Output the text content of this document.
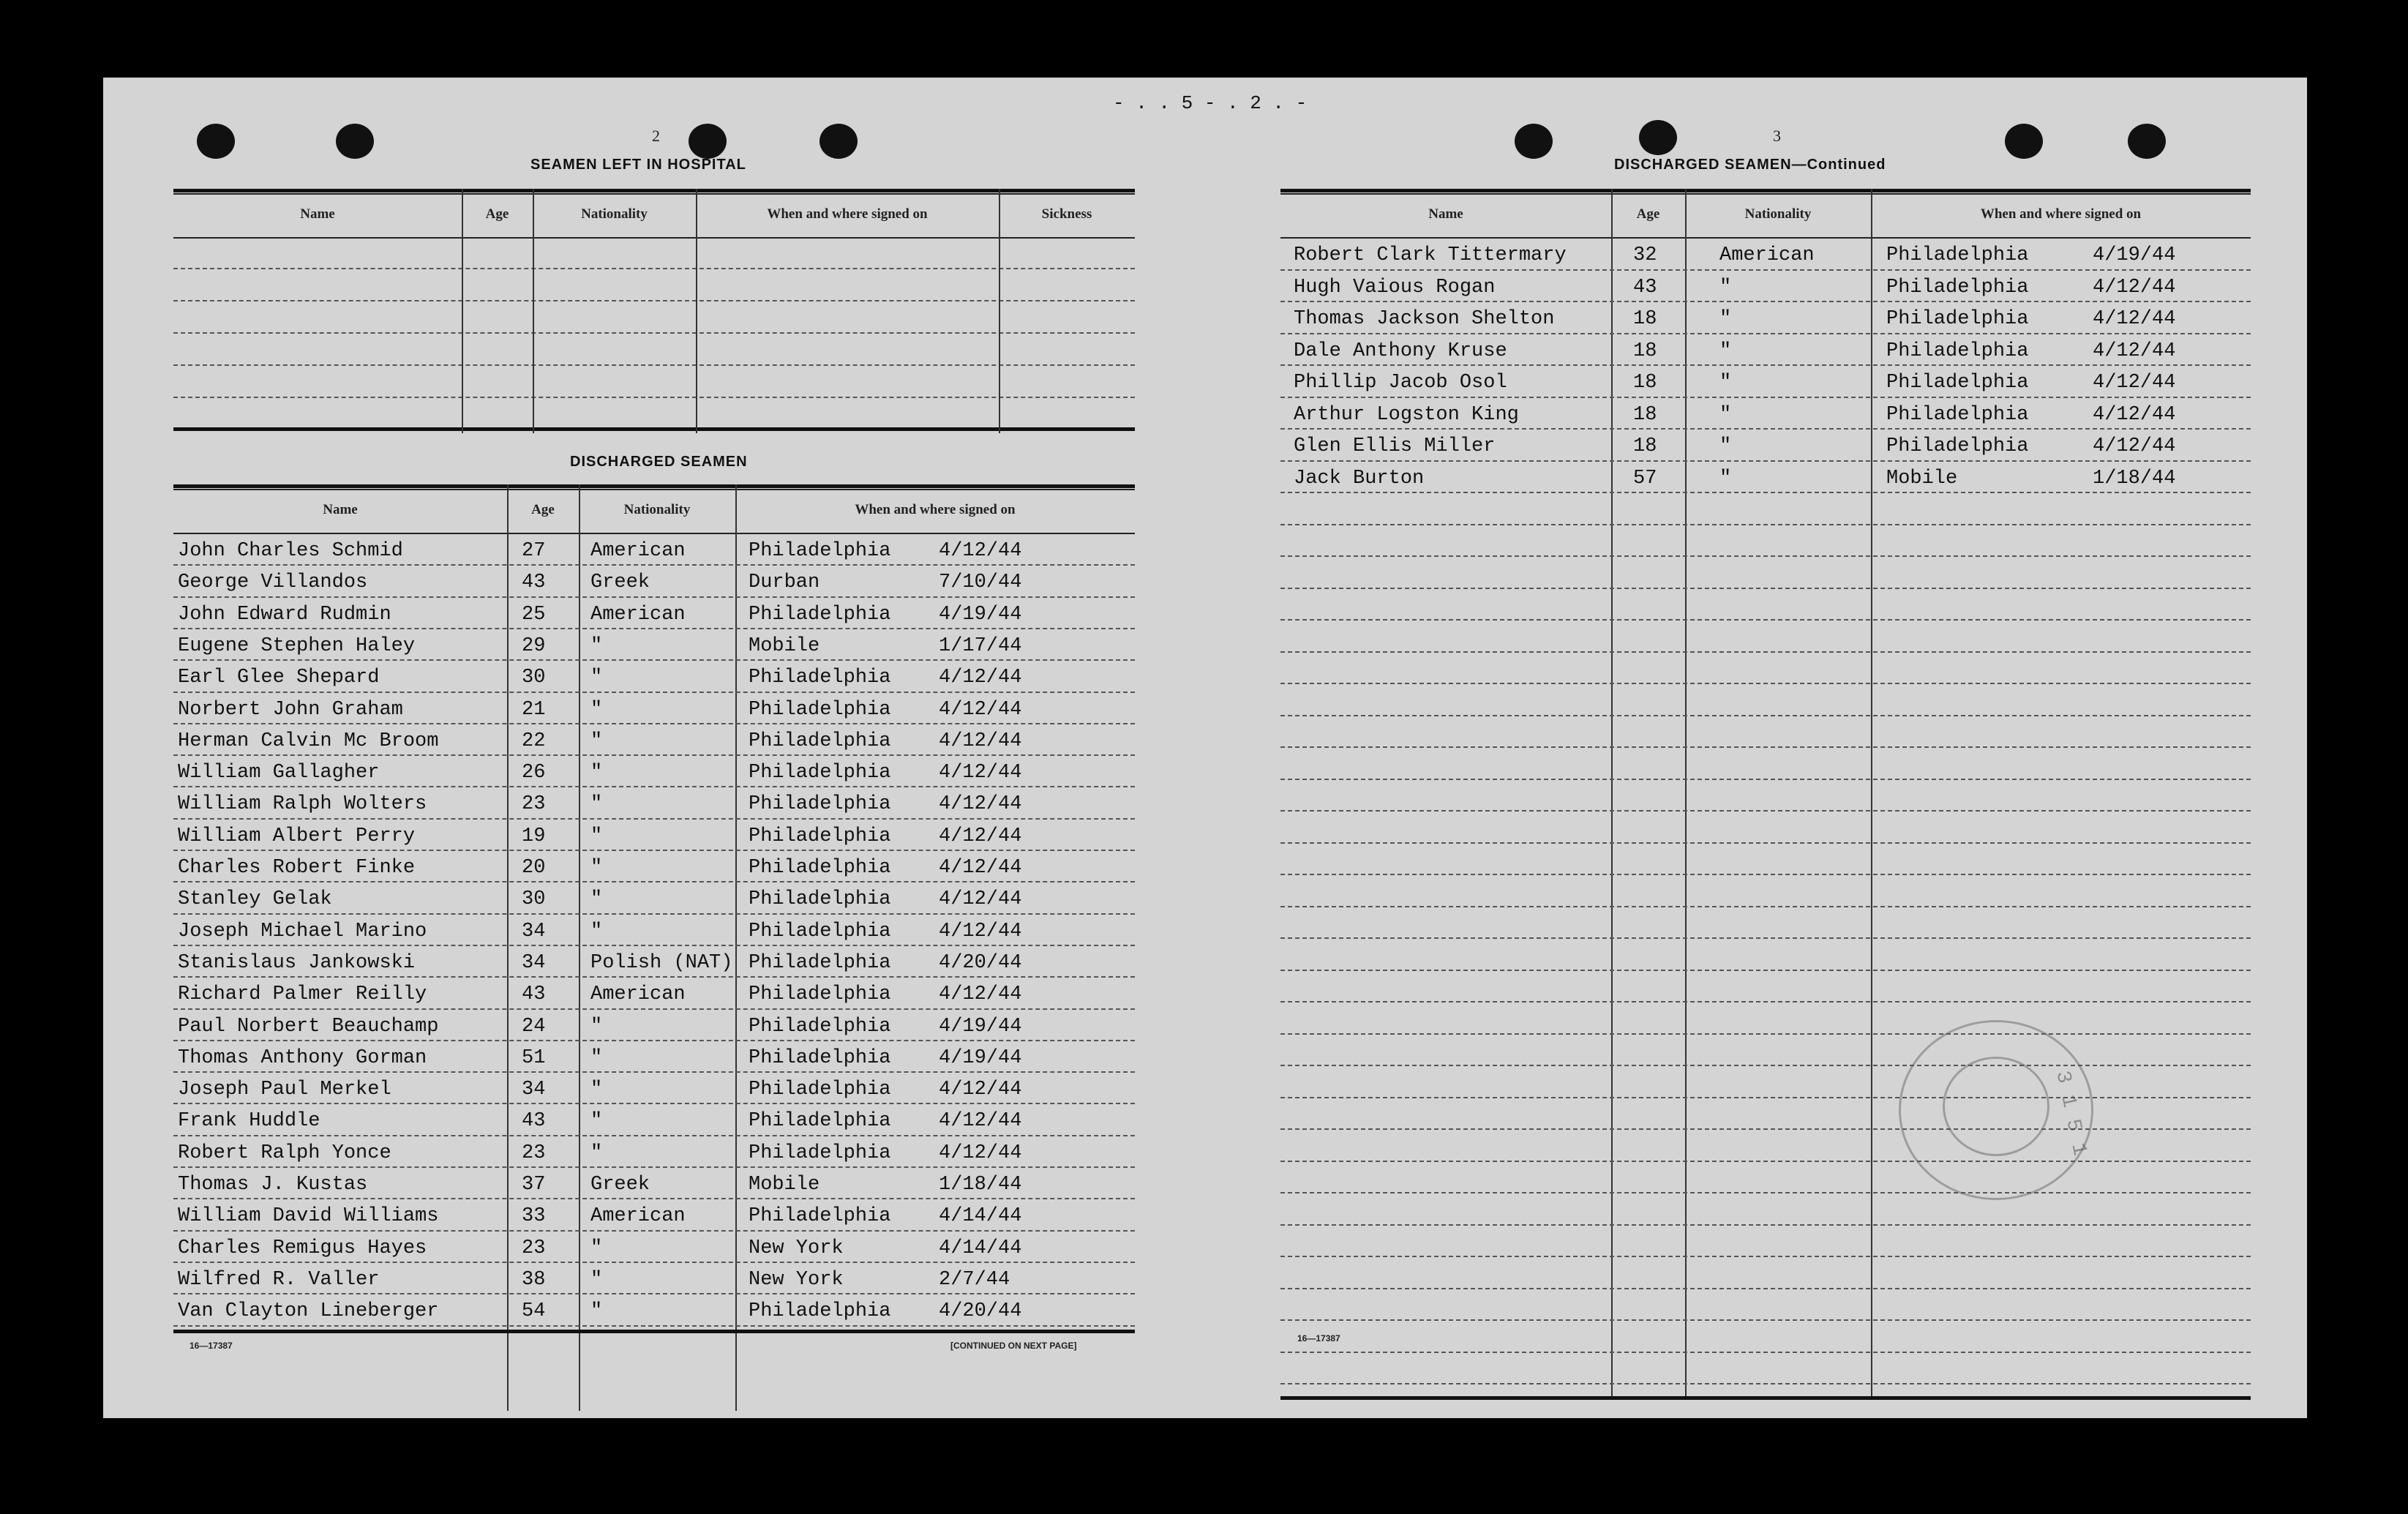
- . . 5 - . 2 . -
2
SEAMEN LEFT IN HOSPITAL
Name	Age	Nationality	When and where signed on	Sickness
DISCHARGED SEAMEN
Name	Age	Nationality	When and where signed on
John Charles Schmid	27 American	Philadelphia 4/12/44
George Villandos	43 Greek	Durban	7/10/44
John Edward Rudmin	25 American	Philadelphia 4/19/44
Eugene Stephen Haley	29 "	Mobile	1/17/44
Earl Glee Shepard	30 "	Philadelphia 4/12/44
Norbert John Graham	21 "	Philadelphia 4/12/44
Herman Calvin Mc Broom	22 "	Philadelphia 4/12/44
William Gallagher	26 "	Philadelphia 4/12/44
William Ralph Wolters	23 "	Philadelphia 4/12/44
William Albert Perry	19 "	Philadelphia 4/12/44
Charles Robert Finke	20 "	Philadelphia 4/12/44
Stanley Gelak	30 "	Philadelphia 4/12/44
Joseph Michael Marino	34 "	Philadelphia 4/12/44
Stanislaus Jankowski	34 Polish (NAT) Philadelphia 4/20/44
Richard Palmer Reilly	43 American	Philadelphia 4/12/44
Paul Norbert Beauchamp	24 "	Philadelphia 4/19/44
Thomas Anthony Gorman	51 "	Philadelphia 4/19/44
Joseph Paul Merkel	34 "	Philadelphia 4/12/44
Frank Huddle	43 "	Philadelphia 4/12/44
Robert Ralph Yonce	23 "	Philadelphia 4/12/44
Thomas J. Kustas	37 Greek	Mobile	1/18/44
William David Williams	33 American	Philadelphia 4/14/44
Charles Remigus Hayes	23 "	New York	4/14/44
Wilfred R. Valler	38 "	New York	2/7/44
Van Clayton Lineberger	54 "	Philadelphia 4/20/44
16—17387	[CONTINUED ON NEXT PAGE]
3
DISCHARGED SEAMEN—Continued
Name	Age	Nationality	When and where signed on
Robert Clark Tittermary	32	American	Philadelphia	4/19/44
Hugh Vaious Rogan	43	"	Philadelphia	4/12/44
Thomas Jackson Shelton	18	"	Philadelphia	4/12/44
Dale Anthony Kruse	18	"	Philadelphia	4/12/44
Phillip Jacob Osol	18	"	Philadelphia	4/12/44
Arthur Logston King	18	"	Philadelphia	4/12/44
Glen Ellis Miller	18	"	Philadelphia	4/12/44
Jack Burton	57	"	Mobile	1/18/44
3 1 5 1
16—17387
